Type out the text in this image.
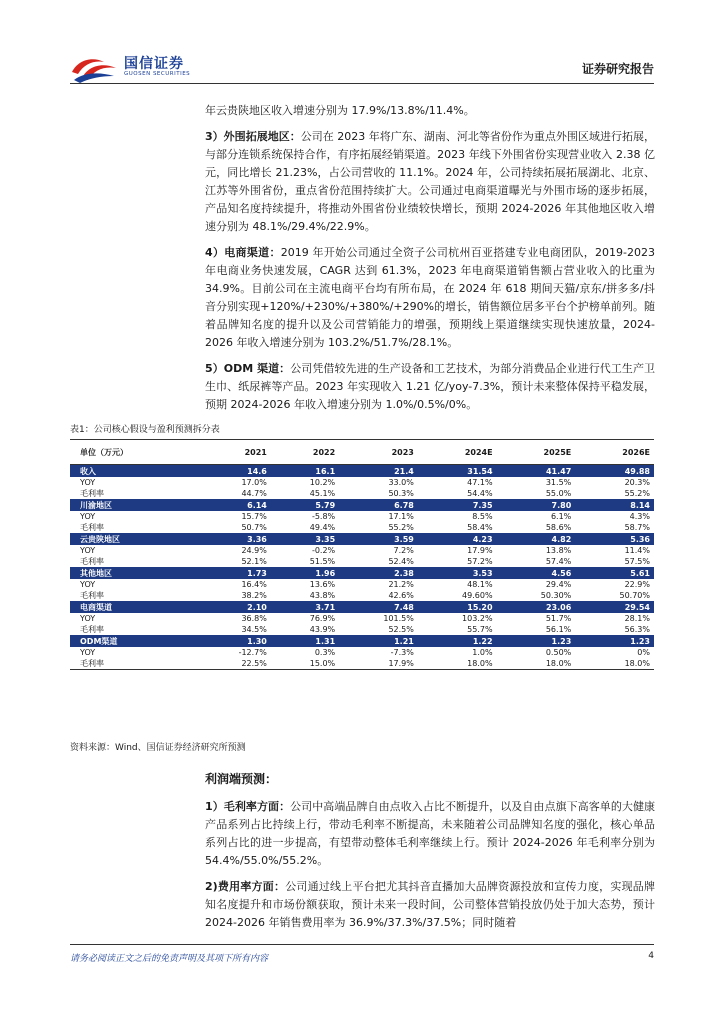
国信证券
GUOSEN SECURITIES	证券研究报告

年云贵陕地区收入增速分别为 17.9%/13.8%/11.4%。

3）外围拓展地区：公司在 2023 年将广东、湖南、河北等省份作为重点外围区域进行拓展，与部分连锁系统保持合作，有序拓展经销渠道。2023 年线下外围省份实现营业收入 2.38 亿元，同比增长 21.23%，占公司营收的 11.1%。2024 年，公司持续拓展拓展湖北、北京、江苏等外围省份，重点省份范围持续扩大。公司通过电商渠道曝光与外围市场的逐步拓展，产品知名度持续提升，将推动外围省份业绩较快增长，预期 2024-2026 年其他地区收入增速分别为 48.1%/29.4%/22.9%。

4）电商渠道：2019 年开始公司通过全资子公司杭州百亚搭建专业电商团队，2019-2023 年电商业务快速发展，CAGR 达到 61.3%，2023 年电商渠道销售额占营业收入的比重为 34.9%。目前公司在主流电商平台均有所布局，在 2024 年 618 期间天猫/京东/拼多多/抖音分别实现+120%/+230%/+380%/+290%的增长，销售额位居多平台个护榜单前列。随着品牌知名度的提升以及公司营销能力的增强，预期线上渠道继续实现快速放量，2024-2026 年收入增速分别为 103.2%/51.7%/28.1%。

5）ODM 渠道：公司凭借较先进的生产设备和工艺技术，为部分消费品企业进行代工生产卫生巾、纸尿裤等产品。2023 年实现收入 1.21 亿/yoy-7.3%，预计未来整体保持平稳发展，预期 2024-2026 年收入增速分别为 1.0%/0.5%/0%。

表1：公司核心假设与盈利预测拆分表
单位（万元）	2021	2022	2023	2024E	2025E	2026E
收入	14.6	16.1	21.4	31.54	41.47	49.88
YOY	17.0%	10.2%	33.0%	47.1%	31.5%	20.3%
毛利率	44.7%	45.1%	50.3%	54.4%	55.0%	55.2%
川渝地区	6.14	5.79	6.78	7.35	7.80	8.14
YOY	15.7%	-5.8%	17.1%	8.5%	6.1%	4.3%
毛利率	50.7%	49.4%	55.2%	58.4%	58.6%	58.7%
云贵陕地区	3.36	3.35	3.59	4.23	4.82	5.36
YOY	24.9%	-0.2%	7.2%	17.9%	13.8%	11.4%
毛利率	52.1%	51.5%	52.4%	57.2%	57.4%	57.5%
其他地区	1.73	1.96	2.38	3.53	4.56	5.61
YOY	16.4%	13.6%	21.2%	48.1%	29.4%	22.9%
毛利率	38.2%	43.8%	42.6%	49.60%	50.30%	50.70%
电商渠道	2.10	3.71	7.48	15.20	23.06	29.54
YOY	36.8%	76.9%	101.5%	103.2%	51.7%	28.1%
毛利率	34.5%	43.9%	52.5%	55.7%	56.1%	56.3%
ODM渠道	1.30	1.31	1.21	1.22	1.23	1.23
YOY	-12.7%	0.3%	-7.3%	1.0%	0.50%	0%
毛利率	22.5%	15.0%	17.9%	18.0%	18.0%	18.0%
资料来源：Wind、国信证券经济研究所预测

利润端预测：

1）毛利率方面：公司中高端品牌自由点收入占比不断提升，以及自由点旗下高客单的大健康产品系列占比持续上行，带动毛利率不断提高，未来随着公司品牌知名度的强化，核心单品系列占比的进一步提高，有望带动整体毛利率继续上行。预计 2024-2026 年毛利率分别为 54.4%/55.0%/55.2%。

2)费用率方面：公司通过线上平台把尤其抖音直播加大品牌资源投放和宣传力度，实现品牌知名度提升和市场份额获取，预计未来一段时间，公司整体营销投放仍处于加大态势，预计 2024-2026 年销售费用率为 36.9%/37.3%/37.5%；同时随着

请务必阅读正文之后的免责声明及其项下所有内容	4
